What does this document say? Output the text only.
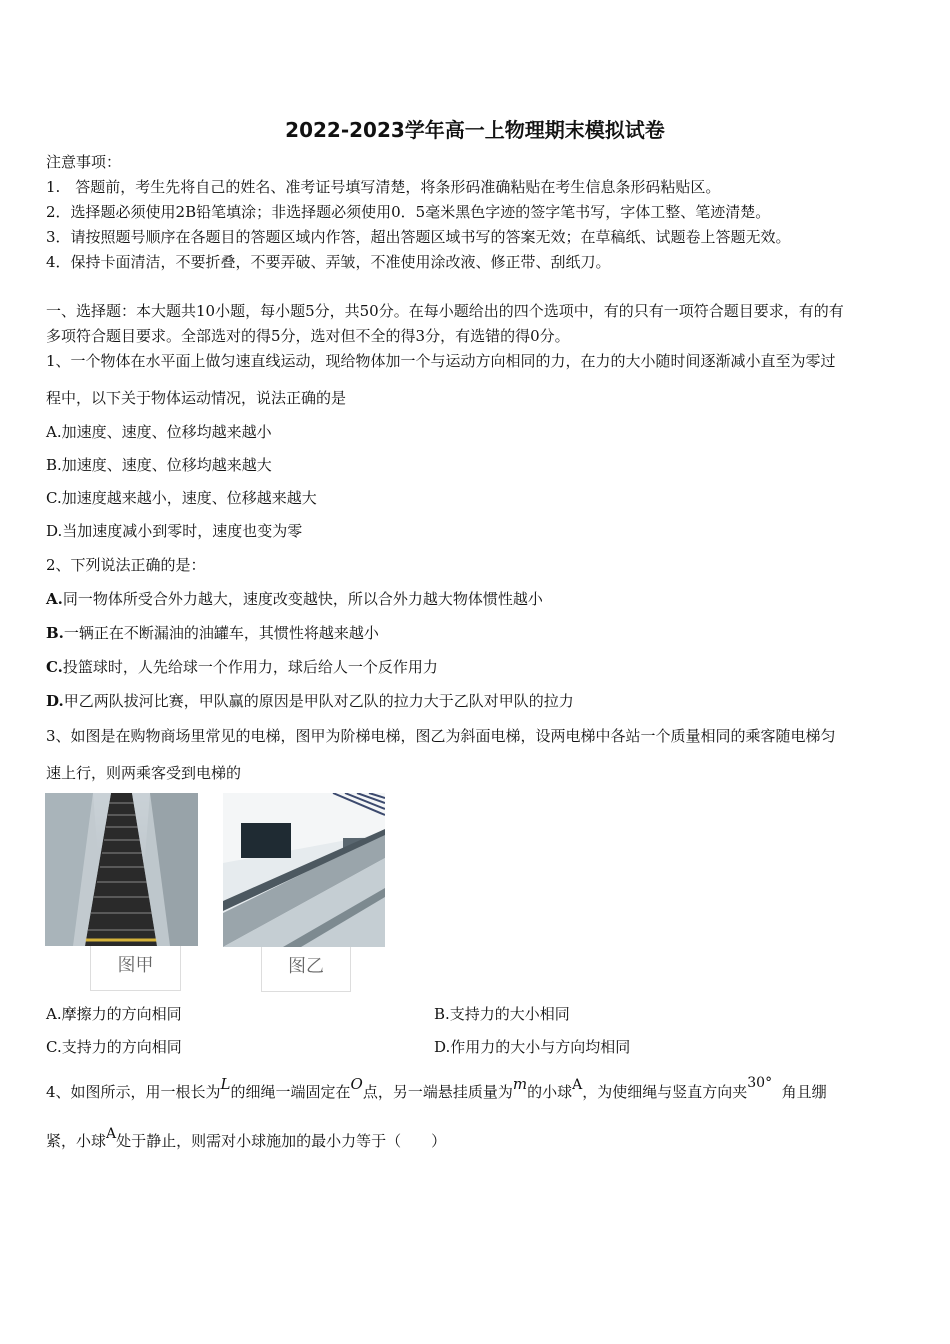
2022-2023学年高一上物理期末模拟试卷
注意事项：
1.　答题前，考生先将自己的姓名、准考证号填写清楚，将条形码准确粘贴在考生信息条形码粘贴区。
2．选择题必须使用2B铅笔填涂；非选择题必须使用0．5毫米黑色字迹的签字笔书写，字体工整、笔迹清楚。
3．请按照题号顺序在各题目的答题区域内作答，超出答题区域书写的答案无效；在草稿纸、试题卷上答题无效。
4．保持卡面清洁，不要折叠，不要弄破、弄皱，不准使用涂改液、修正带、刮纸刀。
一、选择题：本大题共10小题，每小题5分，共50分。在每小题给出的四个选项中，有的只有一项符合题目要求，有的有
多项符合题目要求。全部选对的得5分，选对但不全的得3分，有选错的得0分。
1、一个物体在水平面上做匀速直线运动，现给物体加一个与运动方向相同的力，在力的大小随时间逐渐减小直至为零过
程中，以下关于物体运动情况，说法正确的是
A.加速度、速度、位移均越来越小
B.加速度、速度、位移均越来越大
C.加速度越来越小，速度、位移越来越大
D.当加速度减小到零时，速度也变为零
2、下列说法正确的是：
A.同一物体所受合外力越大，速度改变越快，所以合外力越大物体惯性越小
B.一辆正在不断漏油的油罐车，其惯性将越来越小
C.投篮球时，人先给球一个作用力，球后给人一个反作用力
D.甲乙两队拔河比赛，甲队赢的原因是甲队对乙队的拉力大于乙队对甲队的拉力
3、如图是在购物商场里常见的电梯，图甲为阶梯电梯，图乙为斜面电梯，设两电梯中各站一个质量相同的乘客随电梯匀
速上行，则两乘客受到电梯的
图甲	图乙
A.摩擦力的方向相同	B.支持力的大小相同
C.支持力的方向相同	D.作用力的大小与方向均相同
4、如图所示，用一根长为L的细绳一端固定在O点，另一端悬挂质量为m的小球A，为使细绳与竖直方向夹30° 角且绷
紧，小球A处于静止，则需对小球施加的最小力等于（　　）
